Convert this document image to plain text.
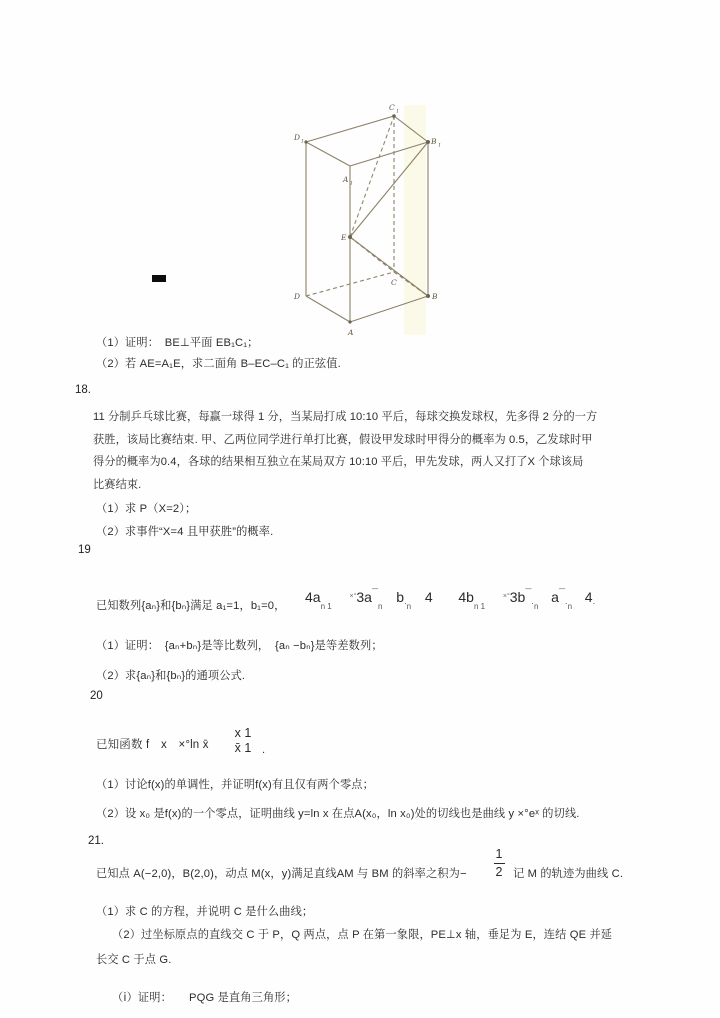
D 1
A 1
C 1
B 1
E
D
C
B
A
（1）证明：　BE⊥平面 EB₁C₁；
（2）若 AE=A₁E，求二面角 B–EC–C₁ 的正弦值.
18.
11 分制乒乓球比赛，每赢一球得 1 分，当某局打成 10:10 平后，每球交换发球权，先多得 2 分的一方
获胜，该局比赛结束. 甲、乙两位同学进行单打比赛，假设甲发球时甲得分的概率为 0.5，乙发球时甲
得分的概率为0.4，各球的结果相互独立在某局双方 10:10 平后，甲先发球，两人又打了X 个球该局
比赛结束.
（1）求 P（X=2）；
（2）求事件“X=4 且甲获胜”的概率.
19
已知数列{aₙ}和{bₙ}满足 a₁=1，b₁=0，
$4a_{n 1}$  $^{\times^\circ}3a^¯_n$  $b._n$  4 $4b_{n 1}$  $^{\times^\circ}3b^¯._n$  $a^¯._n$  4.
（1）证明：　{aₙ+bₙ}是等比数列，　{aₙ −bₙ}是等差数列；
（2）求{aₙ}和{bₙ}的通项公式.
20
已知函数 f　x　×°ln x̄
x 1
x̄ 1 .
（1）讨论f(x)的单调性，并证明f(x)有且仅有两个零点；
（2）设 x₀ 是f(x)的一个零点，证明曲线 y=ln x 在点A(x₀，ln x₀)处的切线也是曲线 y ×°eˣ 的切线.
21.
已知点 A(−2,0)，B(2,0)，动点 M(x，y)满足直线AM 与 BM 的斜率之积为−
1
2 记 M 的轨迹为曲线 C.
（1）求 C 的方程，并说明 C 是什么曲线；
（2）过坐标原点的直线交 C 于 P，Q 两点，点 P 在第一象限，PE⊥x 轴，垂足为 E，连结 QE 并延
长交 C 于点 G.
（ⅰ）证明：　　PQG 是直角三角形；
